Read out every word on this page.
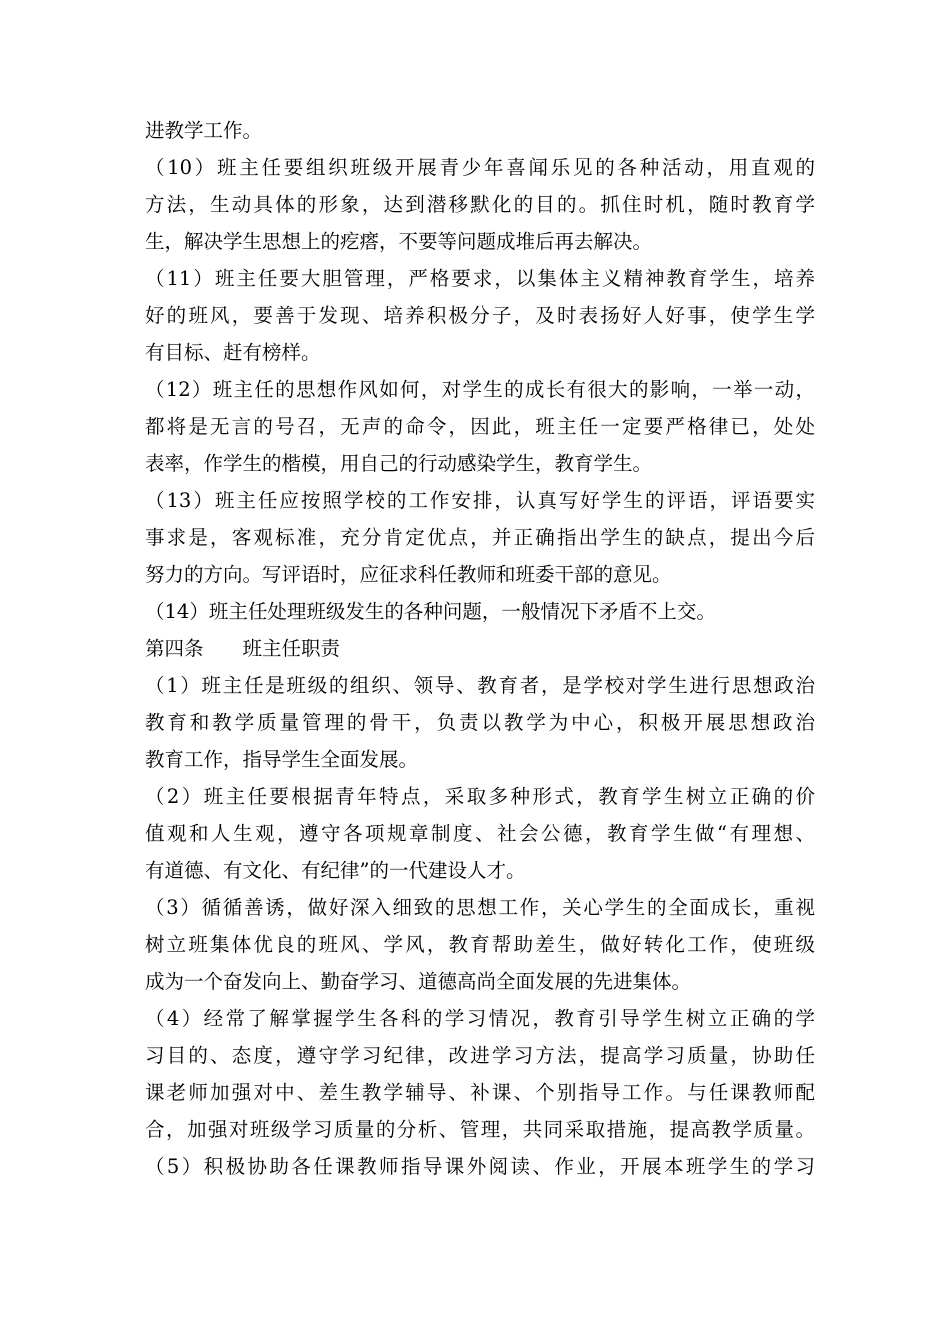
进教学工作。
（10）班主任要组织班级开展青少年喜闻乐见的各种活动，用直观的
方法，生动具体的形象，达到潜移默化的目的。抓住时机，随时教育学
生，解决学生思想上的疙瘩，不要等问题成堆后再去解决。
（11）班主任要大胆管理，严格要求，以集体主义精神教育学生，培养
好的班风，要善于发现、培养积极分子，及时表扬好人好事，使学生学
有目标、赶有榜样。
（12）班主任的思想作风如何，对学生的成长有很大的影响，一举一动，
都将是无言的号召，无声的命令，因此，班主任一定要严格律已，处处
表率，作学生的楷模，用自己的行动感染学生，教育学生。
（13）班主任应按照学校的工作安排，认真写好学生的评语，评语要实
事求是，客观标准，充分肯定优点，并正确指出学生的缺点，提出今后
努力的方向。写评语时，应征求科任教师和班委干部的意见。
（14）班主任处理班级发生的各种问题，一般情况下矛盾不上交。
第四条　　班主任职责
（1）班主任是班级的组织、领导、教育者，是学校对学生进行思想政治
教育和教学质量管理的骨干，负责以教学为中心，积极开展思想政治
教育工作，指导学生全面发展。
（2）班主任要根据青年特点，采取多种形式，教育学生树立正确的价
值观和人生观，遵守各项规章制度、社会公德，教育学生做“有理想、
有道德、有文化、有纪律”的一代建设人才。
（3）循循善诱，做好深入细致的思想工作，关心学生的全面成长，重视
树立班集体优良的班风、学风，教育帮助差生，做好转化工作，使班级
成为一个奋发向上、勤奋学习、道德高尚全面发展的先进集体。
（4）经常了解掌握学生各科的学习情况，教育引导学生树立正确的学
习目的、态度，遵守学习纪律，改进学习方法，提高学习质量，协助任
课老师加强对中、差生教学辅导、补课、个别指导工作。与任课教师配
合，加强对班级学习质量的分析、管理，共同采取措施，提高教学质量。
（5）积极协助各任课教师指导课外阅读、作业，开展本班学生的学习
